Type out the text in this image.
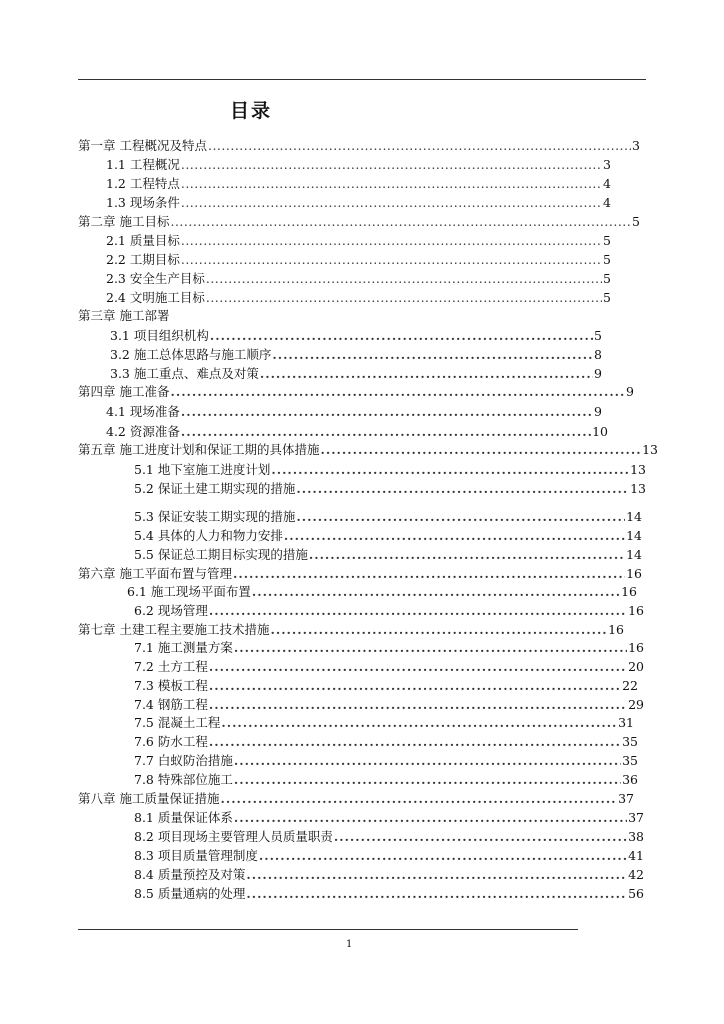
目录
第一章 工程概况及特点 .....	3
1.1 工程概况 .....	3
1.2 工程特点 .....	4
1.3 现场条件 .....	4
第二章 施工目标 .....	5
2.1 质量目标 .....	5
2.2 工期目标 .....	5
2.3 安全生产目标 .....	5
2.4 文明施工目标 .....	5
第三章 施工部署
3.1 项目组织机构 .....	5
3.2 施工总体思路与施工顺序 .....	8
3.3 施工重点、难点及对策 .....	9
第四章 施工准备 .....	9
4.1 现场准备 .....	9
4.2 资源准备 .....	10
第五章 施工进度计划和保证工期的具体措施 .....	13
5.1 地下室施工进度计划 .....	13
5.2 保证土建工期实现的措施 .....	13
5.3 保证安装工期实现的措施 .....	14
5.4 具体的人力和物力安排 .....	14
5.5 保证总工期目标实现的措施 .....	14
第六章 施工平面布置与管理 .....	16
6.1 施工现场平面布置 .....	16
6.2 现场管理 .....	16
第七章 土建工程主要施工技术措施 .....	16
7.1 施工测量方案 .....	16
7.2 土方工程 .....	20
7.3 模板工程 .....	22
7.4 钢筋工程 .....	29
7.5 混凝土工程 .....	31
7.6 防水工程 .....	35
7.7 白蚁防治措施 .....	35
7.8 特殊部位施工 .....	36
第八章 施工质量保证措施 .....	37
8.1 质量保证体系 .....	37
8.2 项目现场主要管理人员质量职责 .....	38
8.3 项目质量管理制度 .....	41
8.4 质量预控及对策 .....	42
8.5 质量通病的处理 .....	56
1
